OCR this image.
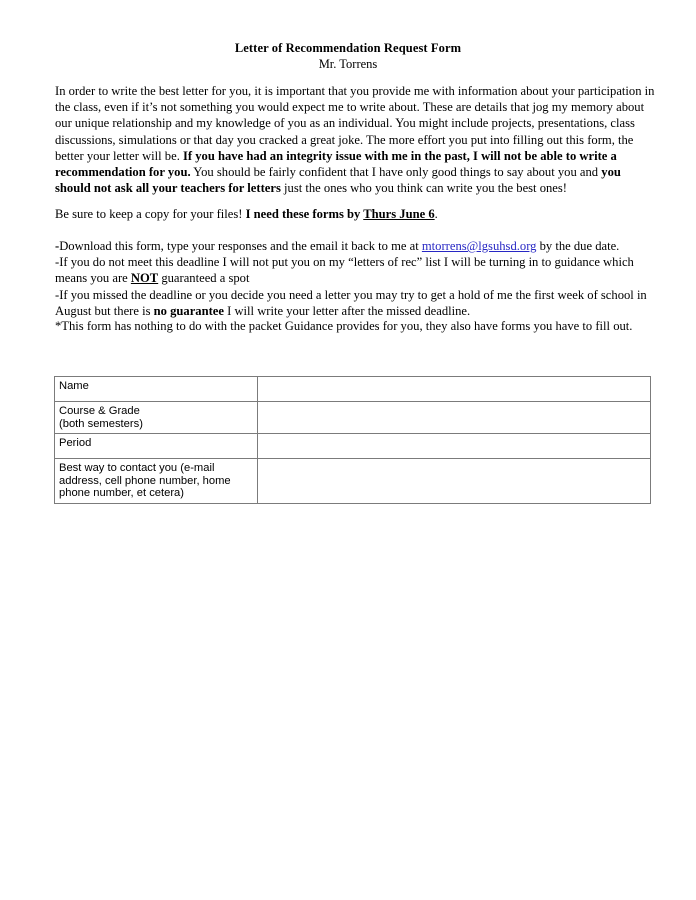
Letter of Recommendation Request Form
Mr. Torrens

In order to write the best letter for you, it is important that you provide me with information about your participation in the class, even if it’s not something you would expect me to write about. These are details that jog my memory about our unique relationship and my knowledge of you as an individual. You might include projects, presentations, class discussions, simulations or that day you cracked a great joke. The more effort you put into filling out this form, the better your letter will be. If you have had an integrity issue with me in the past, I will not be able to write a recommendation for you. You should be fairly confident that I have only good things to say about you and you should not ask all your teachers for letters just the ones who you think can write you the best ones!

Be sure to keep a copy for your files! I need these forms by Thurs June 6.

-Download this form, type your responses and the email it back to me at mtorrens@lgsuhsd.org by the due date.

-If you do not meet this deadline I will not put you on my “letters of rec” list I will be turning in to guidance which means you are NOT guaranteed a spot

-If you missed the deadline or you decide you need a letter you may try to get a hold of me the first week of school in August but there is no guarantee I will write your letter after the missed deadline.

*This form has nothing to do with the packet Guidance provides for you, they also have forms you have to fill out.

Name	

Course & Grade
(both semesters)	

Period	

Best way to contact you (e-mail
address, cell phone number, home
phone number, et cetera)	
